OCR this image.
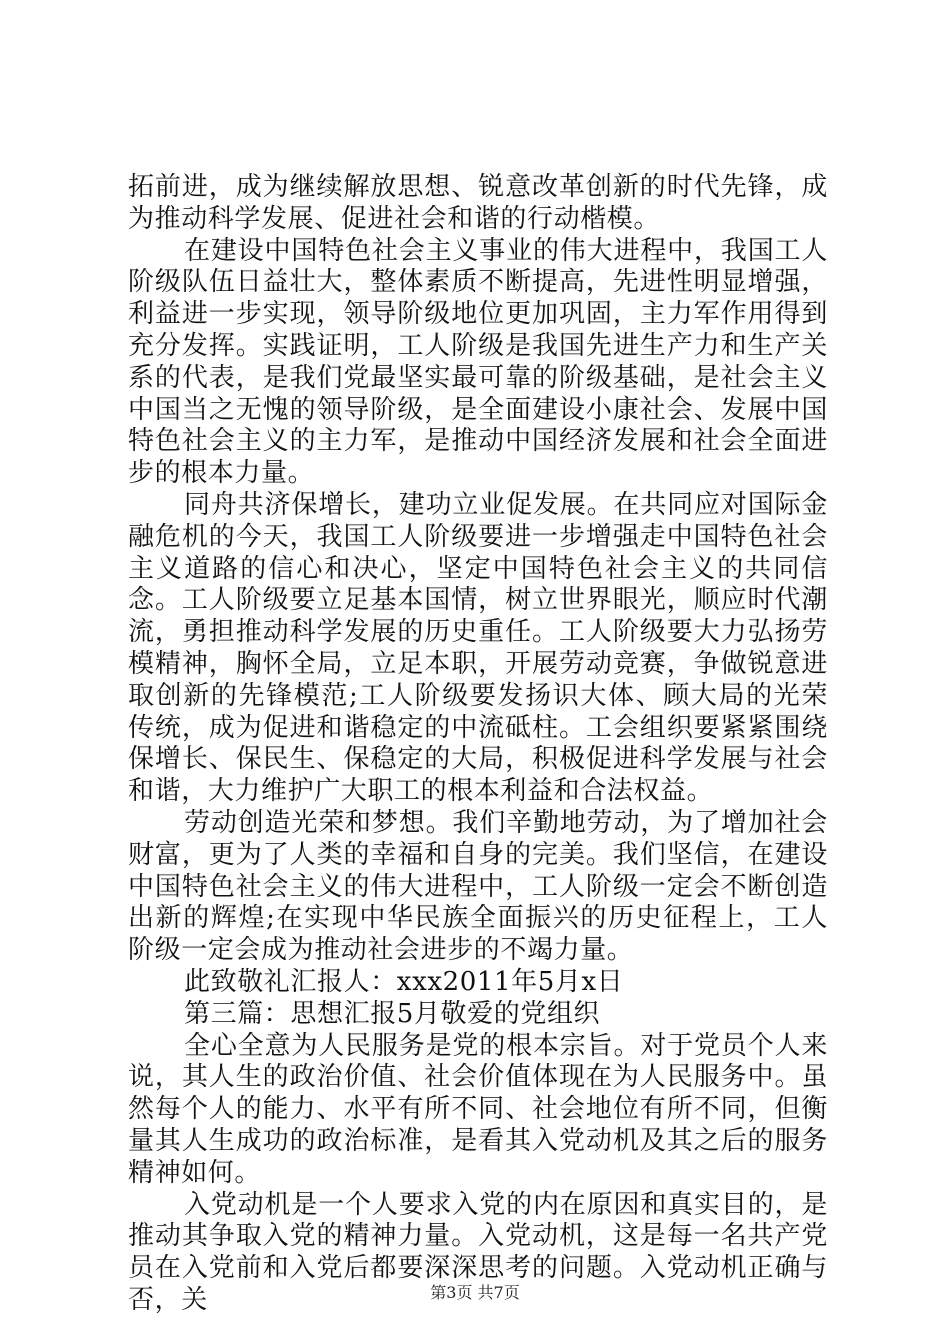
拓前进，成为继续解放思想、锐意改革创新的时代先锋，成为推动科学发展、促进社会和谐的行动楷模。

在建设中国特色社会主义事业的伟大进程中，我国工人阶级队伍日益壮大，整体素质不断提高，先进性明显增强，利益进一步实现，领导阶级地位更加巩固，主力军作用得到充分发挥。实践证明，工人阶级是我国先进生产力和生产关系的代表，是我们党最坚实最可靠的阶级基础，是社会主义中国当之无愧的领导阶级，是全面建设小康社会、发展中国特色社会主义的主力军，是推动中国经济发展和社会全面进步的根本力量。

同舟共济保增长，建功立业促发展。在共同应对国际金融危机的今天，我国工人阶级要进一步增强走中国特色社会主义道路的信心和决心，坚定中国特色社会主义的共同信念。工人阶级要立足基本国情，树立世界眼光，顺应时代潮流，勇担推动科学发展的历史重任。工人阶级要大力弘扬劳模精神，胸怀全局，立足本职，开展劳动竞赛，争做锐意进取创新的先锋模范;工人阶级要发扬识大体、顾大局的光荣传统，成为促进和谐稳定的中流砥柱。工会组织要紧紧围绕保增长、保民生、保稳定的大局，积极促进科学发展与社会和谐，大力维护广大职工的根本利益和合法权益。

劳动创造光荣和梦想。我们辛勤地劳动，为了增加社会财富，更为了人类的幸福和自身的完美。我们坚信，在建设中国特色社会主义的伟大进程中，工人阶级一定会不断创造出新的辉煌;在实现中华民族全面振兴的历史征程上，工人阶级一定会成为推动社会进步的不竭力量。

此致敬礼汇报人：xxx2011年5月x日

第三篇：思想汇报5月敬爱的党组织

全心全意为人民服务是党的根本宗旨。对于党员个人来说，其人生的政治价值、社会价值体现在为人民服务中。虽然每个人的能力、水平有所不同、社会地位有所不同，但衡量其人生成功的政治标准，是看其入党动机及其之后的服务精神如何。

入党动机是一个人要求入党的内在原因和真实目的，是推动其争取入党的精神力量。入党动机，这是每一名共产党员在入党前和入党后都要深深思考的问题。入党动机正确与否，关	第3页 共7页
